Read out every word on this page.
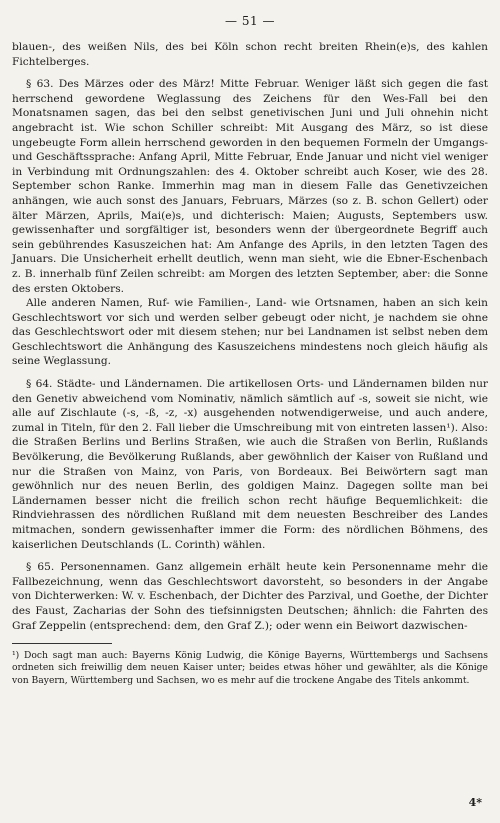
— 51 —

blauen-, des weißen Nils, des bei Köln schon recht breiten Rhein(e)s, des kahlen Fichtelberges.

§ 63. Des Märzes oder des März! Mitte Februar. Weniger läßt sich gegen die fast herrschend gewordene Weglassung des Zeichens für den Wes-Fall bei den Monatsnamen sagen, das bei den selbst genetivischen Juni und Juli ohnehin nicht angebracht ist. Wie schon Schiller schreibt: Mit Ausgang des März, so ist diese ungebeugte Form allein herrschend geworden in den bequemen Formeln der Umgangs- und Geschäftssprache: Anfang April, Mitte Februar, Ende Januar und nicht viel weniger in Verbindung mit Ordnungszahlen: des 4. Oktober schreibt auch Koser, wie des 28. September schon Ranke. Immerhin mag man in diesem Falle das Genetivzeichen anhängen, wie auch sonst des Januars, Februars, Märzes (so z. B. schon Gellert) oder älter Märzen, Aprils, Mai(e)s, und dichterisch: Maien; Augusts, Septembers usw. gewissenhafter und sorgfältiger ist, besonders wenn der übergeordnete Begriff auch sein gebührendes Kasuszeichen hat: Am Anfange des Aprils, in den letzten Tagen des Januars. Die Unsicherheit erhellt deutlich, wenn man sieht, wie die Ebner-Eschenbach z. B. innerhalb fünf Zeilen schreibt: am Morgen des letzten September, aber: die Sonne des ersten Oktobers.

Alle anderen Namen, Ruf- wie Familien-, Land- wie Ortsnamen, haben an sich kein Geschlechtswort vor sich und werden selber gebeugt oder nicht, je nachdem sie ohne das Geschlechtswort oder mit diesem stehen; nur bei Landnamen ist selbst neben dem Geschlechtswort die Anhängung des Kasuszeichens mindestens noch gleich häufig als seine Weglassung.

§ 64. Städte- und Ländernamen. Die artikellosen Orts- und Ländernamen bilden nur den Genetiv abweichend vom Nominativ, nämlich sämtlich auf -s, soweit sie nicht, wie alle auf Zischlaute (-s, -ß, -z, -x) ausgehenden notwendigerweise, und auch andere, zumal in Titeln, für den 2. Fall lieber die Umschreibung mit von eintreten lassen¹). Also: die Straßen Berlins und Berlins Straßen, wie auch die Straßen von Berlin, Rußlands Bevölkerung, die Bevölkerung Rußlands, aber gewöhnlich der Kaiser von Rußland und nur die Straßen von Mainz, von Paris, von Bordeaux. Bei Beiwörtern sagt man gewöhnlich nur des neuen Berlin, des goldigen Mainz. Dagegen sollte man bei Ländernamen besser nicht die freilich schon recht häufige Bequemlichkeit: die Rindviehrassen des nördlichen Rußland mit dem neuesten Beschreiber des Landes mitmachen, sondern gewissenhafter immer die Form: des nördlichen Böhmens, des kaiserlichen Deutschlands (L. Corinth) wählen.

§ 65. Personennamen. Ganz allgemein erhält heute kein Personenname mehr die Fallbezeichnung, wenn das Geschlechtswort davorsteht, so besonders in der Angabe von Dichterwerken: W. v. Eschenbach, der Dichter des Parzival, und Goethe, der Dichter des Faust, Zacharias der Sohn des tiefsinnigsten Deutschen; ähnlich: die Fahrten des Graf Zeppelin (entsprechend: dem, den Graf Z.); oder wenn ein Beiwort dazwischen-

¹) Doch sagt man auch: Bayerns König Ludwig, die Könige Bayerns, Württembergs und Sachsens ordneten sich freiwillig dem neuen Kaiser unter; beides etwas höher und gewählter, als die Könige von Bayern, Württemberg und Sachsen, wo es mehr auf die trockene Angabe des Titels ankommt.

4*
